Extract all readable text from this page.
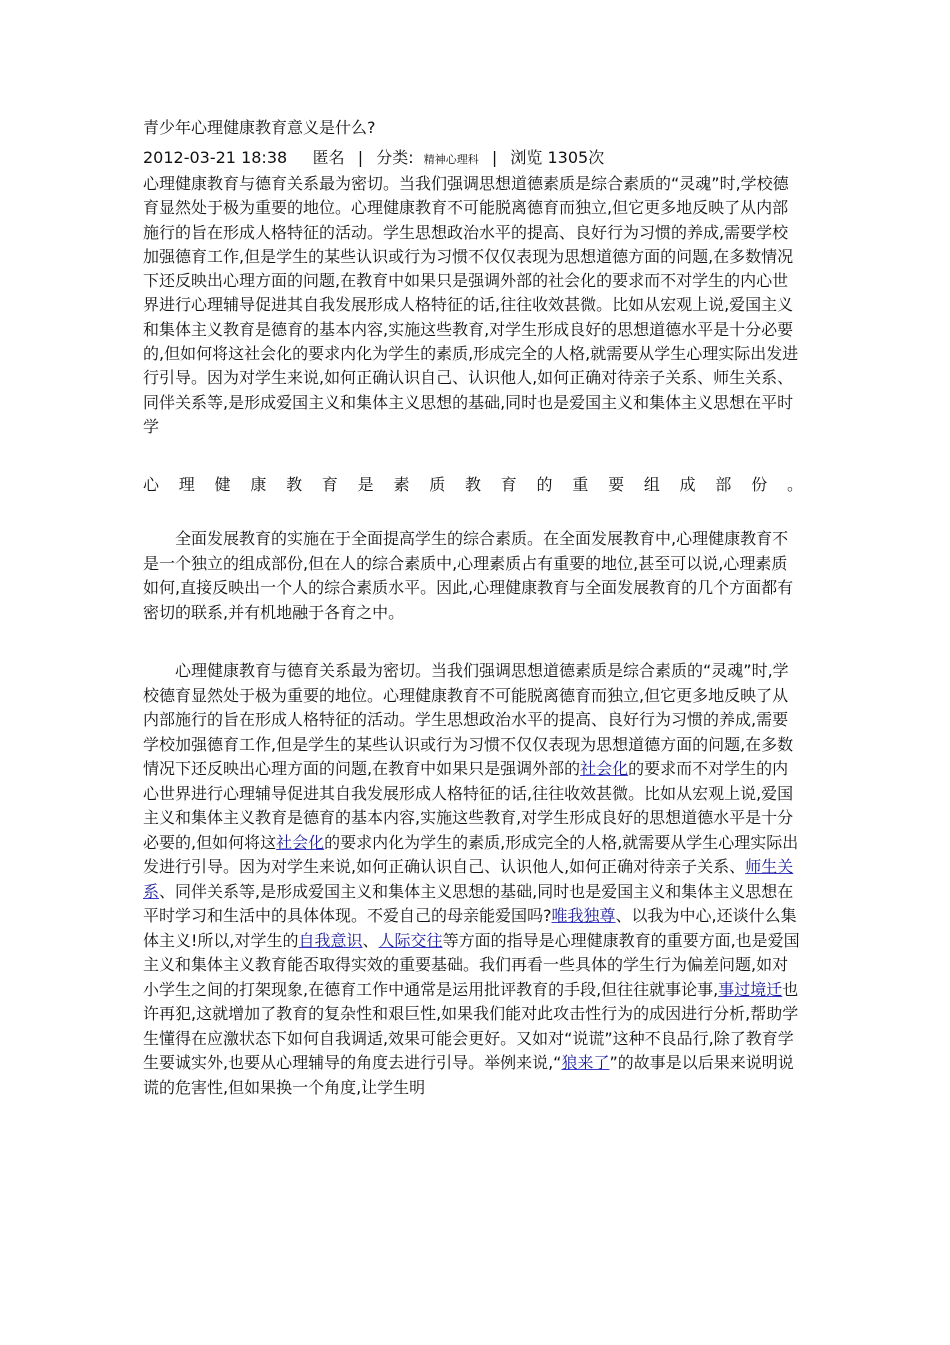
青少年心理健康教育意义是什么?

2012-03-21 18:38 匿名 | 分类: 精神心理科 | 浏览 1305次

心理健康教育与德育关系最为密切。当我们强调思想道德素质是综合素质的“灵魂”时,学校德育显然处于极为重要的地位。心理健康教育不可能脱离德育而独立,但它更多地反映了从内部施行的旨在形成人格特征的活动。学生思想政治水平的提高、良好行为习惯的养成,需要学校加强德育工作,但是学生的某些认识或行为习惯不仅仅表现为思想道德方面的问题,在多数情况下还反映出心理方面的问题,在教育中如果只是强调外部的社会化的要求而不对学生的内心世界进行心理辅导促进其自我发展形成人格特征的话,往往收效甚微。比如从宏观上说,爱国主义和集体主义教育是德育的基本内容,实施这些教育,对学生形成良好的思想道德水平是十分必要的,但如何将这社会化的要求内化为学生的素质,形成完全的人格,就需要从学生心理实际出发进行引导。因为对学生来说,如何正确认识自己、认识他人,如何正确对待亲子关系、师生关系、同伴关系等,是形成爱国主义和集体主义思想的基础,同时也是爱国主义和集体主义思想在平时学

心理健康教育是素质教育的重要组成部份。

全面发展教育的实施在于全面提高学生的综合素质。在全面发展教育中,心理健康教育不是一个独立的组成部份,但在人的综合素质中,心理素质占有重要的地位,甚至可以说,心理素质如何,直接反映出一个人的综合素质水平。因此,心理健康教育与全面发展教育的几个方面都有密切的联系,并有机地融于各育之中。

心理健康教育与德育关系最为密切。当我们强调思想道德素质是综合素质的“灵魂”时,学校德育显然处于极为重要的地位。心理健康教育不可能脱离德育而独立,但它更多地反映了从内部施行的旨在形成人格特征的活动。学生思想政治水平的提高、良好行为习惯的养成,需要学校加强德育工作,但是学生的某些认识或行为习惯不仅仅表现为思想道德方面的问题,在多数情况下还反映出心理方面的问题,在教育中如果只是强调外部的社会化的要求而不对学生的内心世界进行心理辅导促进其自我发展形成人格特征的话,往往收效甚微。比如从宏观上说,爱国主义和集体主义教育是德育的基本内容,实施这些教育,对学生形成良好的思想道德水平是十分必要的,但如何将这社会化的要求内化为学生的素质,形成完全的人格,就需要从学生心理实际出发进行引导。因为对学生来说,如何正确认识自己、认识他人,如何正确对待亲子关系、师生关系、同伴关系等,是形成爱国主义和集体主义思想的基础,同时也是爱国主义和集体主义思想在平时学习和生活中的具体体现。不爱自己的母亲能爱国吗?唯我独尊、以我为中心,还谈什么集体主义!所以,对学生的自我意识、人际交往等方面的指导是心理健康教育的重要方面,也是爱国主义和集体主义教育能否取得实效的重要基础。我们再看一些具体的学生行为偏差问题,如对小学生之间的打架现象,在德育工作中通常是运用批评教育的手段,但往往就事论事,事过境迁也许再犯,这就增加了教育的复杂性和艰巨性,如果我们能对此攻击性行为的成因进行分析,帮助学生懂得在应激状态下如何自我调适,效果可能会更好。又如对“说谎”这种不良品行,除了教育学生要诚实外,也要从心理辅导的角度去进行引导。举例来说,“狼来了”的故事是以后果来说明说谎的危害性,但如果换一个角度,让学生明
